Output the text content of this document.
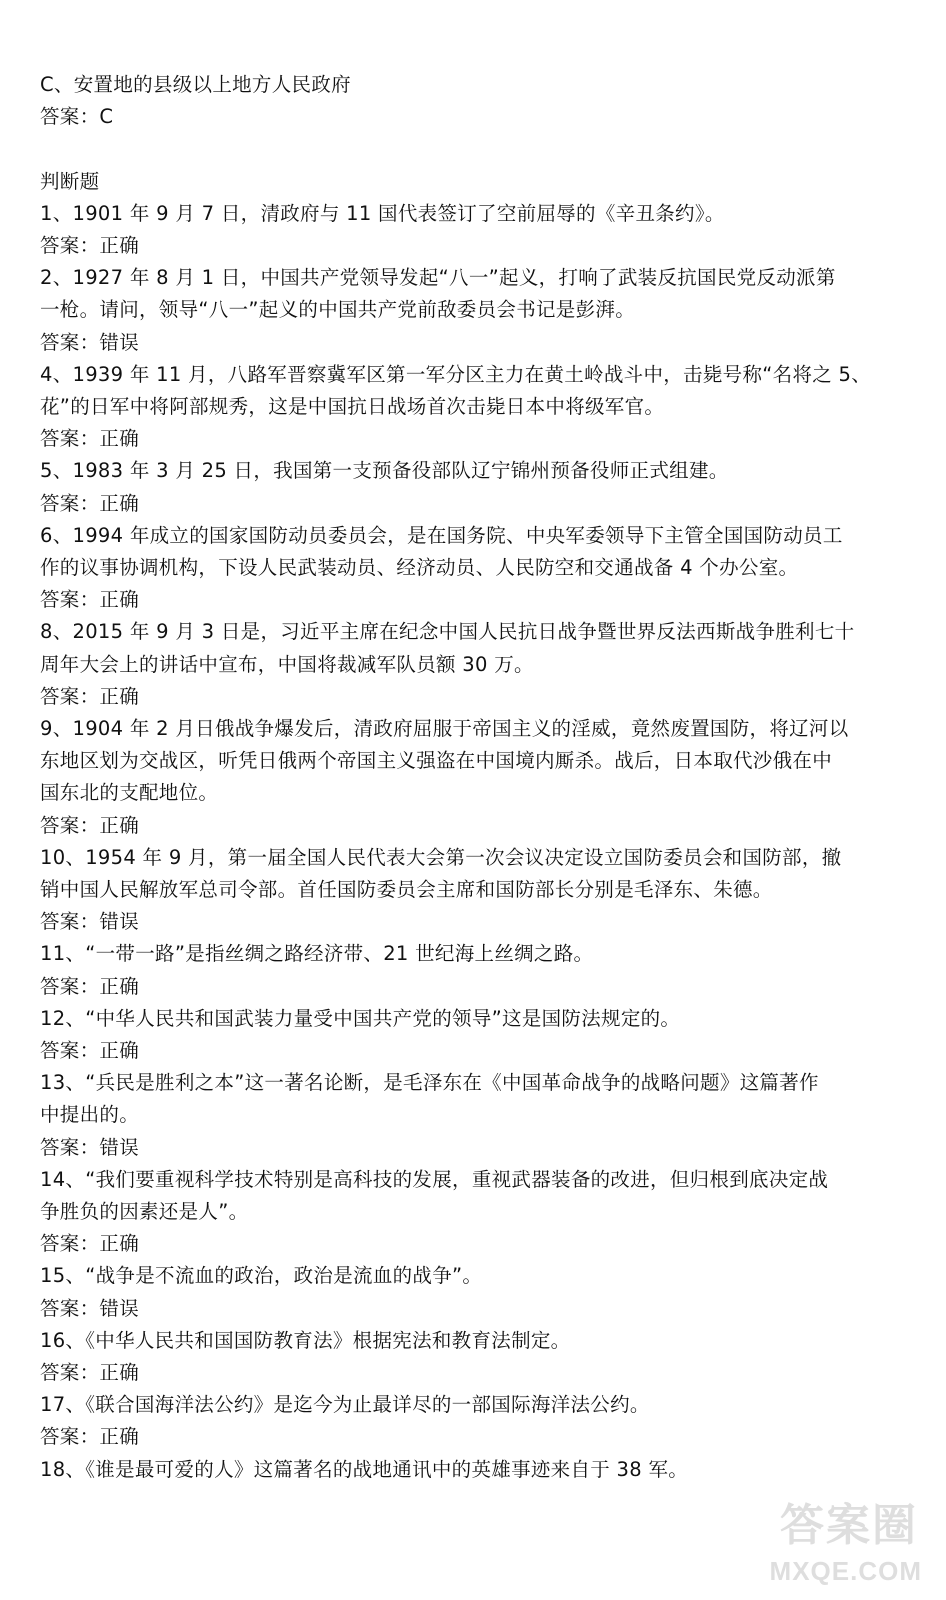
C、安置地的县级以上地方人民政府
答案：C
判断题
1、1901 年 9 月 7 日，清政府与 11 国代表签订了空前屈辱的《辛丑条约》。
答案：正确
2、1927 年 8 月 1 日，中国共产党领导发起“八一”起义，打响了武装反抗国民党反动派第
一枪。请问，领导“八一”起义的中国共产党前敌委员会书记是彭湃。
答案：错误
4、1939 年 11 月，八路军晋察冀军区第一军分区主力在黄土岭战斗中，击毙号称“名将之 5、
花”的日军中将阿部规秀，这是中国抗日战场首次击毙日本中将级军官。
答案：正确
5、1983 年 3 月 25 日，我国第一支预备役部队辽宁锦州预备役师正式组建。
答案：正确
6、1994 年成立的国家国防动员委员会，是在国务院、中央军委领导下主管全国国防动员工
作的议事协调机构，下设人民武装动员、经济动员、人民防空和交通战备 4 个办公室。
答案：正确
8、2015 年 9 月 3 日是，习近平主席在纪念中国人民抗日战争暨世界反法西斯战争胜利七十
周年大会上的讲话中宣布，中国将裁减军队员额 30 万。
答案：正确
9、1904 年 2 月日俄战争爆发后，清政府屈服于帝国主义的淫威，竟然废置国防，将辽河以
东地区划为交战区，听凭日俄两个帝国主义强盗在中国境内厮杀。战后，日本取代沙俄在中
国东北的支配地位。
答案：正确
10、1954 年 9 月，第一届全国人民代表大会第一次会议决定设立国防委员会和国防部，撤
销中国人民解放军总司令部。首任国防委员会主席和国防部长分别是毛泽东、朱德。
答案：错误
11、“一带一路”是指丝绸之路经济带、21 世纪海上丝绸之路。
答案：正确
12、“中华人民共和国武装力量受中国共产党的领导”这是国防法规定的。
答案：正确
13、“兵民是胜利之本”这一著名论断，是毛泽东在《中国革命战争的战略问题》这篇著作
中提出的。
答案：错误
14、“我们要重视科学技术特别是高科技的发展，重视武器装备的改进，但归根到底决定战
争胜负的因素还是人”。
答案：正确
15、“战争是不流血的政治，政治是流血的战争”。
答案：错误
16、《中华人民共和国国防教育法》根据宪法和教育法制定。
答案：正确
17、《联合国海洋法公约》是迄今为止最详尽的一部国际海洋法公约。
答案：正确
18、《谁是最可爱的人》这篇著名的战地通讯中的英雄事迹来自于 38 军。
答案圈
MXQE.COM
